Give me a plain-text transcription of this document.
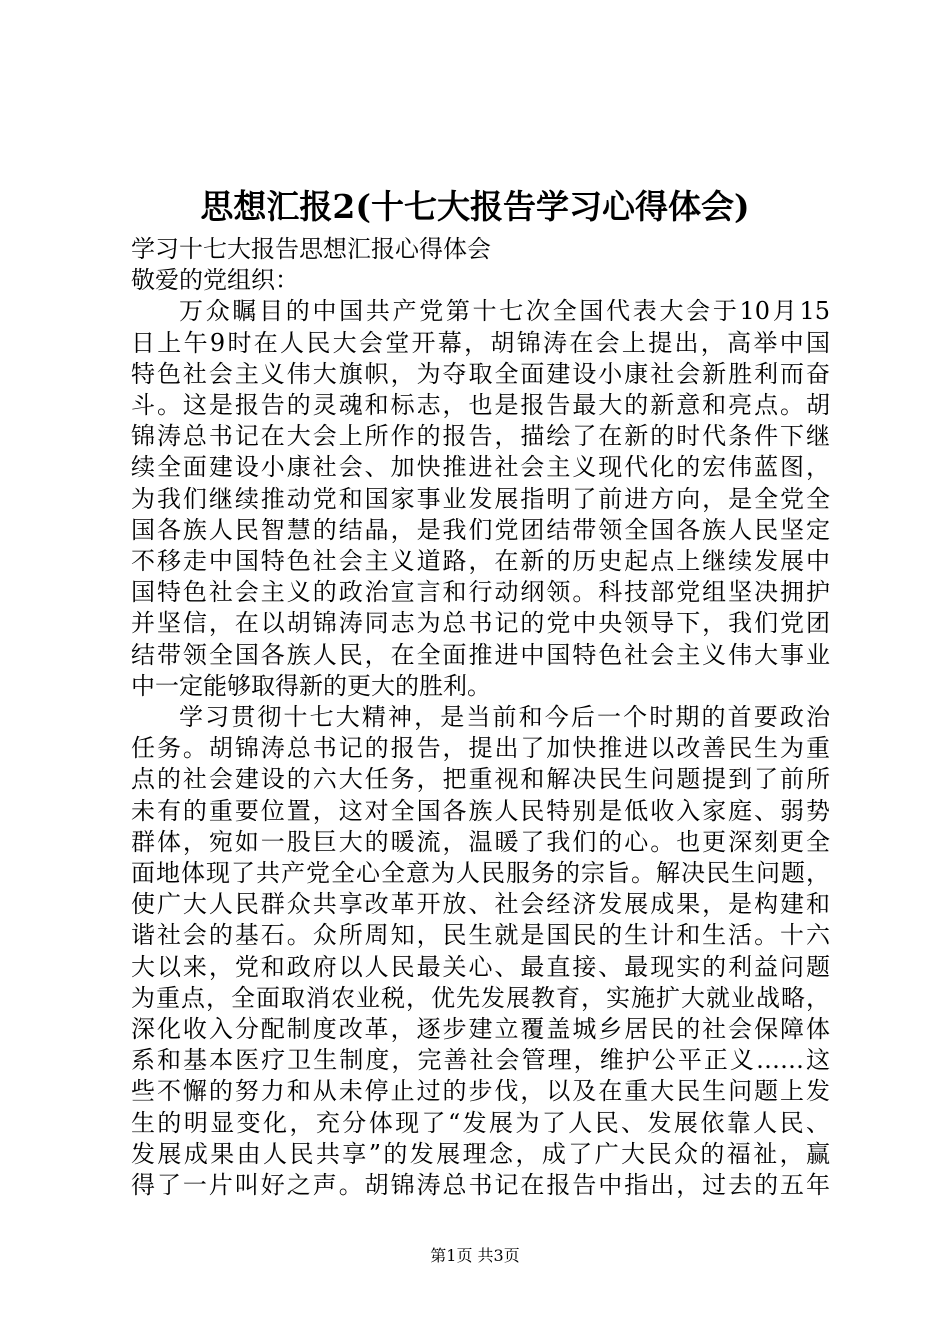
思想汇报2(十七大报告学习心得体会)

学习十七大报告思想汇报心得体会

敬爱的党组织：

万众瞩目的中国共产党第十七次全国代表大会于10月15
日上午9时在人民大会堂开幕，胡锦涛在会上提出，高举中国
特色社会主义伟大旗帜，为夺取全面建设小康社会新胜利而奋
斗。这是报告的灵魂和标志，也是报告最大的新意和亮点。胡
锦涛总书记在大会上所作的报告，描绘了在新的时代条件下继
续全面建设小康社会、加快推进社会主义现代化的宏伟蓝图，
为我们继续推动党和国家事业发展指明了前进方向，是全党全
国各族人民智慧的结晶，是我们党团结带领全国各族人民坚定
不移走中国特色社会主义道路，在新的历史起点上继续发展中
国特色社会主义的政治宣言和行动纲领。科技部党组坚决拥护
并坚信，在以胡锦涛同志为总书记的党中央领导下，我们党团
结带领全国各族人民，在全面推进中国特色社会主义伟大事业
中一定能够取得新的更大的胜利。

学习贯彻十七大精神，是当前和今后一个时期的首要政治
任务。胡锦涛总书记的报告，提出了加快推进以改善民生为重
点的社会建设的六大任务，把重视和解决民生问题提到了前所
未有的重要位置，这对全国各族人民特别是低收入家庭、弱势
群体，宛如一股巨大的暖流，温暖了我们的心。也更深刻更全
面地体现了共产党全心全意为人民服务的宗旨。解决民生问题，
使广大人民群众共享改革开放、社会经济发展成果，是构建和
谐社会的基石。众所周知，民生就是国民的生计和生活。十六
大以来，党和政府以人民最关心、最直接、最现实的利益问题
为重点，全面取消农业税，优先发展教育，实施扩大就业战略，
深化收入分配制度改革，逐步建立覆盖城乡居民的社会保障体
系和基本医疗卫生制度，完善社会管理，维护公平正义……这
些不懈的努力和从未停止过的步伐，以及在重大民生问题上发
生的明显变化，充分体现了“发展为了人民、发展依靠人民、
发展成果由人民共享”的发展理念，成了广大民众的福祉，赢
得了一片叫好之声。胡锦涛总书记在报告中指出，过去的五年

第1页 共3页
